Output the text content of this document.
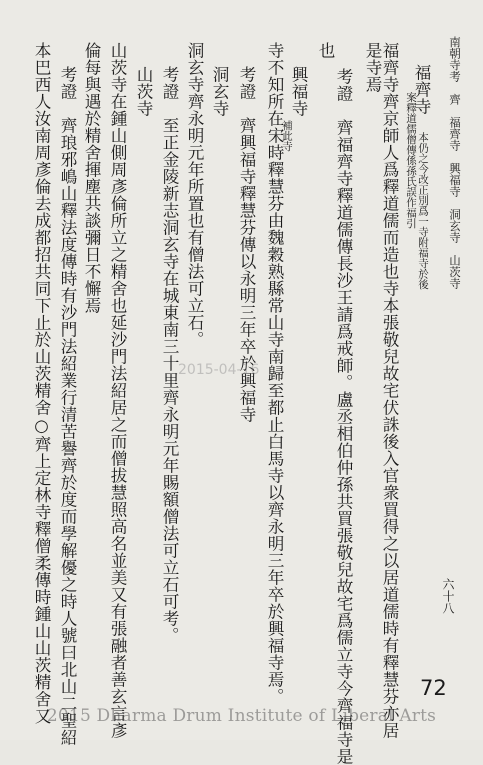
南朝寺考　齊　福齊寺　興福寺　洞玄寺　山茨寺
六十八
福齊寺
福齊寺齊京師人爲釋道儒而造也寺本張敬兒故宅伏誅後入官衆買得之以居道儒時有釋慧芬亦居
是寺焉
考證　齊福齊寺釋道儒傳長沙王請爲戒師。盧丞相伯仲孫共買張敬兒故宅爲儒立寺今齊福寺是
也
興福寺
寺不知所在宋時釋慧芬由魏穀熟縣常山寺南歸至都止白馬寺以齊永明三年卒於興福寺焉。
考證　齊興福寺釋慧芬傳以永明三年卒於興福寺
洞玄寺
洞玄寺齊永明元年所置也有僧法可立石。
考證　至正金陵新志洞玄寺在城東南三十里齊永明元年賜額僧法可立石可考。
山茨寺
山茨寺在鍾山側周彥倫所立之精舍也延沙門法紹居之而僧拔慧照高名並美又有張融者善玄言彥
倫每與遇於精舍揮塵共談彌日不懈焉
考證　齊琅邪嶋山釋法度傳時有沙門法紹業行清苦譽齊於度而學解優之時人號曰北山二聖紹
本巴西人汝南周彥倫去成都招共同下止於山茨精舍○齊上定林寺釋僧柔傳時鍾山山茨精舍又	案釋道儒僧傳係孫氏誤作福引 本仍之今改正別爲一寺附福寺於後
補此寺
2015-04-16
72
2015 Dharma Drum Institute of Liberal Arts
